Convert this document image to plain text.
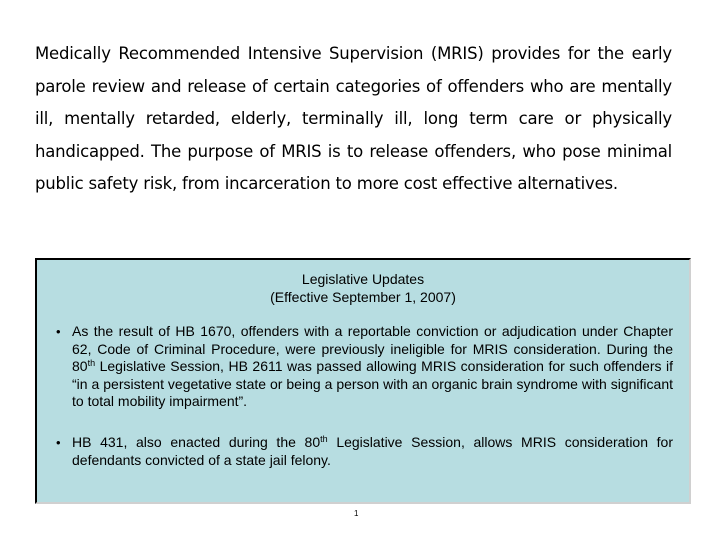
Medically Recommended Intensive Supervision (MRIS) provides for the early parole review and release of certain categories of offenders who are mentally ill, mentally retarded, elderly, terminally ill, long term care or physically handicapped. The purpose of MRIS is to release offenders, who pose minimal public safety risk, from incarceration to more cost effective alternatives.
Legislative Updates
(Effective September 1, 2007)
• As the result of HB 1670, offenders with a reportable conviction or adjudication under Chapter 62, Code of Criminal Procedure, were previously ineligible for MRIS consideration. During the 80th Legislative Session, HB 2611 was passed allowing MRIS consideration for such offenders if “in a persistent vegetative state or being a person with an organic brain syndrome with significant to total mobility impairment”.
• HB 431, also enacted during the 80th Legislative Session, allows MRIS consideration for defendants convicted of a state jail felony.
1
